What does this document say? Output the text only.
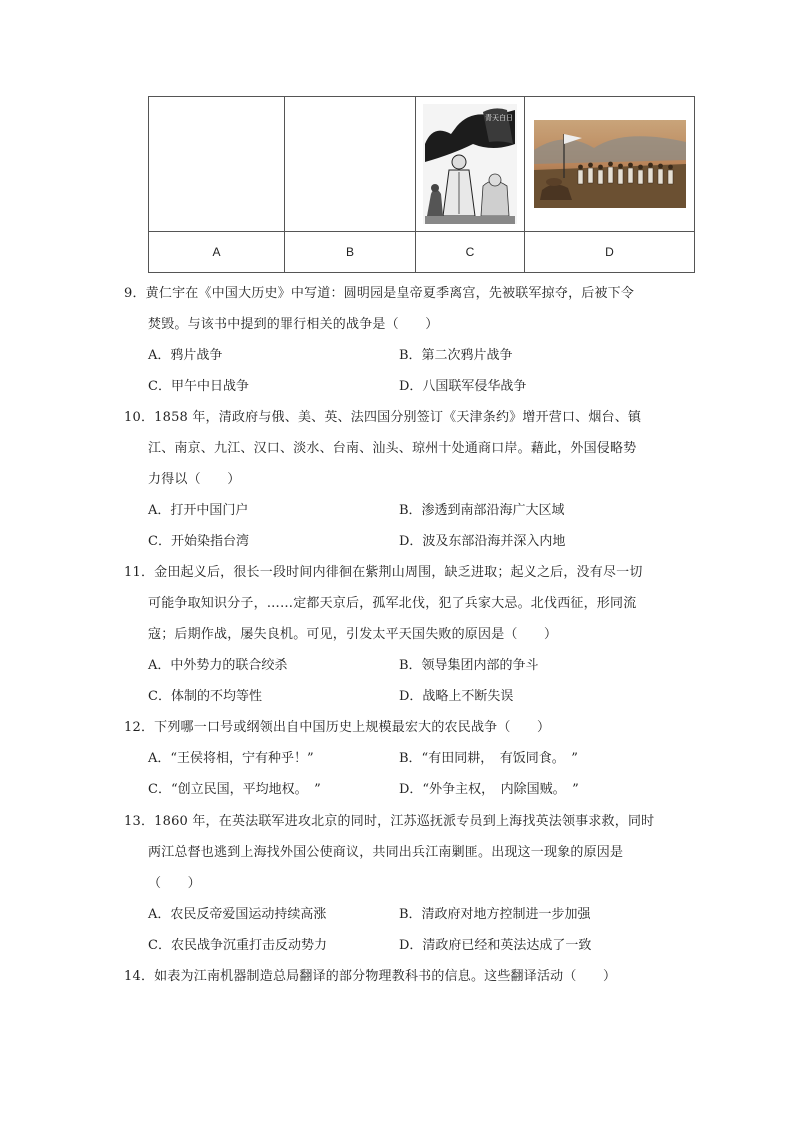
青天白日

A	B	C	D
9．黄仁宇在《中国大历史》中写道：圆明园是皇帝夏季离宫，先被联军掠夺，后被下令
焚毁。与该书中提到的罪行相关的战争是（　　）
A．鸦片战争	B．第二次鸦片战争
C．甲午中日战争	D．八国联军侵华战争
10．1858 年，清政府与俄、美、英、法四国分别签订《天津条约》增开营口、烟台、镇
江、南京、九江、汉口、淡水、台南、汕头、琼州十处通商口岸。藉此，外国侵略势
力得以（　　）
A．打开中国门户	B．渗透到南部沿海广大区域
C．开始染指台湾	D．波及东部沿海并深入内地
11．金田起义后，很长一段时间内徘徊在紫荆山周围，缺乏进取；起义之后，没有尽一切
可能争取知识分子，……定都天京后，孤军北伐，犯了兵家大忌。北伐西征，形同流
寇；后期作战，屡失良机。可见，引发太平天国失败的原因是（　　）
A．中外势力的联合绞杀	B．领导集团内部的争斗
C．体制的不均等性	D．战略上不断失误
12．下列哪一口号或纲领出自中国历史上规模最宏大的农民战争（　　）
A．“王侯将相，宁有种乎！”	B．“有田同耕，　有饭同食。　”
C．“创立民国，平均地权。　”	D．“外争主权，　内除国贼。　”
13．1860 年，在英法联军进攻北京的同时，江苏巡抚派专员到上海找英法领事求救，同时
两江总督也逃到上海找外国公使商议，共同出兵江南剿匪。出现这一现象的原因是
（　　）
A．农民反帝爱国运动持续高涨	B．清政府对地方控制进一步加强
C．农民战争沉重打击反动势力	D．清政府已经和英法达成了一致
14．如表为江南机器制造总局翻译的部分物理教科书的信息。这些翻译活动（　　）
